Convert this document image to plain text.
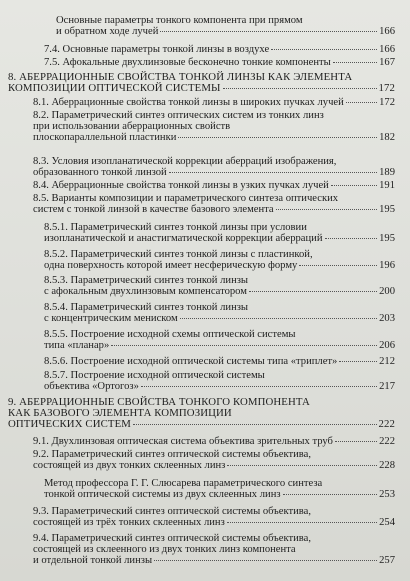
Основные параметры тонкого компонента при прямом
и обратном ходе лучей	166
7.4. Основные параметры тонкой линзы в воздухе	166
7.5. Афокальные двухлинзовые бесконечно тонкие компоненты	167
8. АБЕРРАЦИОННЫЕ СВОЙСТВА ТОНКОЙ ЛИНЗЫ КАК ЭЛЕМЕНТА
КОМПОЗИЦИИ ОПТИЧЕСКОЙ СИСТЕМЫ	172
8.1. Аберрационные свойства тонкой линзы в широких пучках лучей	172
8.2. Параметрический синтез оптических систем из тонких линз
при использовании аберрационных свойств
плоскопараллельной пластинки	182
8.3. Условия изопланатической коррекции аберраций изображения,
образованного тонкой линзой	189
8.4. Аберрационные свойства тонкой линзы в узких пучках лучей	191
8.5. Варианты композиции и параметрического синтеза оптических
систем с тонкой линзой в качестве базового элемента	195
8.5.1. Параметрический синтез тонкой линзы при условии
изопланатической и анастигматической коррекции аберраций	195
8.5.2. Параметрический синтез тонкой линзы с пластинкой,
одна поверхность которой имеет несферическую форму	196
8.5.3. Параметрический синтез тонкой линзы
с афокальным двухлинзовым компенсатором	200
8.5.4. Параметрический синтез тонкой линзы
с концентрическим мениском	203
8.5.5. Построение исходной схемы оптической системы
типа «планар»	206
8.5.6. Построение исходной оптической системы типа «триплет»	212
8.5.7. Построение исходной оптической системы
объектива «Ортогоз»	217
9. АБЕРРАЦИОННЫЕ СВОЙСТВА ТОНКОГО КОМПОНЕНТА
КАК БАЗОВОГО ЭЛЕМЕНТА КОМПОЗИЦИИ
ОПТИЧЕСКИХ СИСТЕМ	222
9.1. Двухлинзовая оптическая система объектива зрительных труб	222
9.2. Параметрический синтез оптической системы объектива,
состоящей из двух тонких склеенных линз	228
Метод профессора Г. Г. Слюсарева параметрического синтеза
тонкой оптической системы из двух склеенных линз	253
9.3. Параметрический синтез оптической системы объектива,
состоящей из трёх тонких склеенных линз	254
9.4. Параметрический синтез оптической системы объектива,
состоящей из склеенного из двух тонких линз компонента
и отдельной тонкой линзы	257
